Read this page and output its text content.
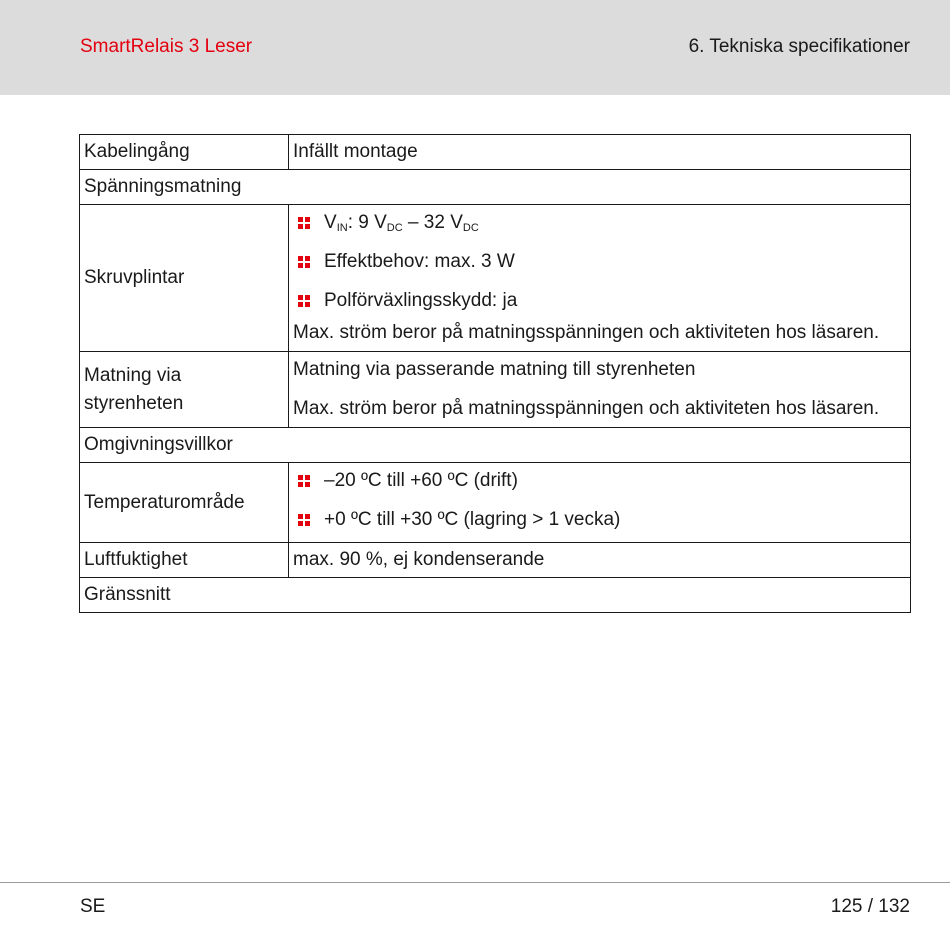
SmartRelais 3 Leser	6. Tekniska specifikationer
Kabelingång	Infällt montage
Spänningsmatning	
Skruvplintar	$V_{IN}$: 9 $V_{DC} - 32$ $V_{DC}$
Effektbehov: max. 3 W
Polförväxlingsskydd: ja

Max. ström beror på matningsspänningen och aktiviteten hos läsaren.

Matning via styrenheten	Matning via passerande matning till styrenheten

Max. ström beror på matningsspänningen och aktiviteten hos läsaren.

Omgivningsvillkor	
Temperaturområde	–20 ºC till +60 ºC (drift)
+0 ºC till +30 ºC (lagring > 1 vecka)

Luftfuktighet	max. 90 %, ej kondenserande
Gränssnitt	
SE	125 / 132
